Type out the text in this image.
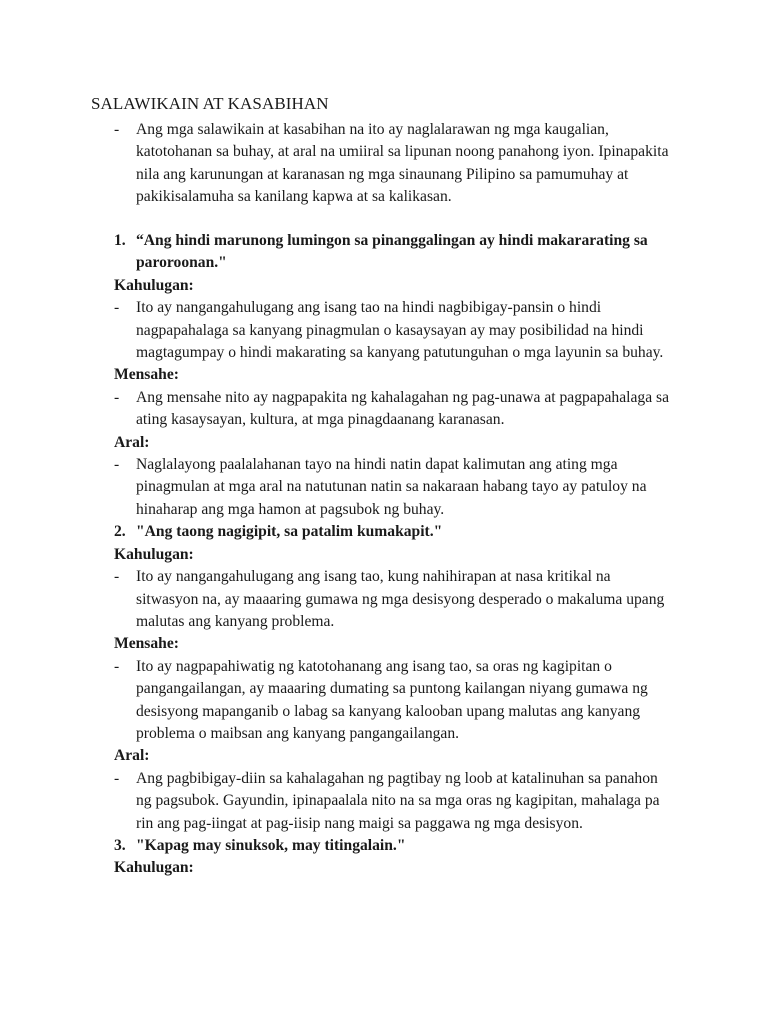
SALAWIKAIN AT KASABIHAN
- Ang mga salawikain at kasabihan na ito ay naglalarawan ng mga kaugalian, katotohanan sa buhay, at aral na umiiral sa lipunan noong panahong iyon. Ipinapakita nila ang karunungan at karanasan ng mga sinaunang Pilipino sa pamumuhay at pakikisalamuha sa kanilang kapwa at sa kalikasan.

1. “Ang hindi marunong lumingon sa pinanggalingan ay hindi makararating sa paroroonan."
Kahulugan:
- Ito ay nangangahulugang ang isang tao na hindi nagbibigay-pansin o hindi nagpapahalaga sa kanyang pinagmulan o kasaysayan ay may posibilidad na hindi magtagumpay o hindi makarating sa kanyang patutunguhan o mga layunin sa buhay.

Mensahe:
- Ang mensahe nito ay nagpapakita ng kahalagahan ng pag-unawa at pagpapahalaga sa ating kasaysayan, kultura, at mga pinagdaanang karanasan.

Aral:
- Naglalayong paalalahanan tayo na hindi natin dapat kalimutan ang ating mga pinagmulan at mga aral na natutunan natin sa nakaraan habang tayo ay patuloy na hinaharap ang mga hamon at pagsubok ng buhay.

2. "Ang taong nagigipit, sa patalim kumakapit."
Kahulugan:
- Ito ay nangangahulugang ang isang tao, kung nahihirapan at nasa kritikal na sitwasyon na, ay maaaring gumawa ng mga desisyong desperado o makaluma upang malutas ang kanyang problema.

Mensahe:
- Ito ay nagpapahiwatig ng katotohanang ang isang tao, sa oras ng kagipitan o pangangailangan, ay maaaring dumating sa puntong kailangan niyang gumawa ng desisyong mapanganib o labag sa kanyang kalooban upang malutas ang kanyang problema o maibsan ang kanyang pangangailangan.

Aral:
- Ang pagbibigay-diin sa kahalagahan ng pagtibay ng loob at katalinuhan sa panahon ng pagsubok. Gayundin, ipinapaalala nito na sa mga oras ng kagipitan, mahalaga pa rin ang pag-iingat at pag-iisip nang maigi sa paggawa ng mga desisyon.

3. "Kapag may sinuksok, may titingalain."
Kahulugan:
